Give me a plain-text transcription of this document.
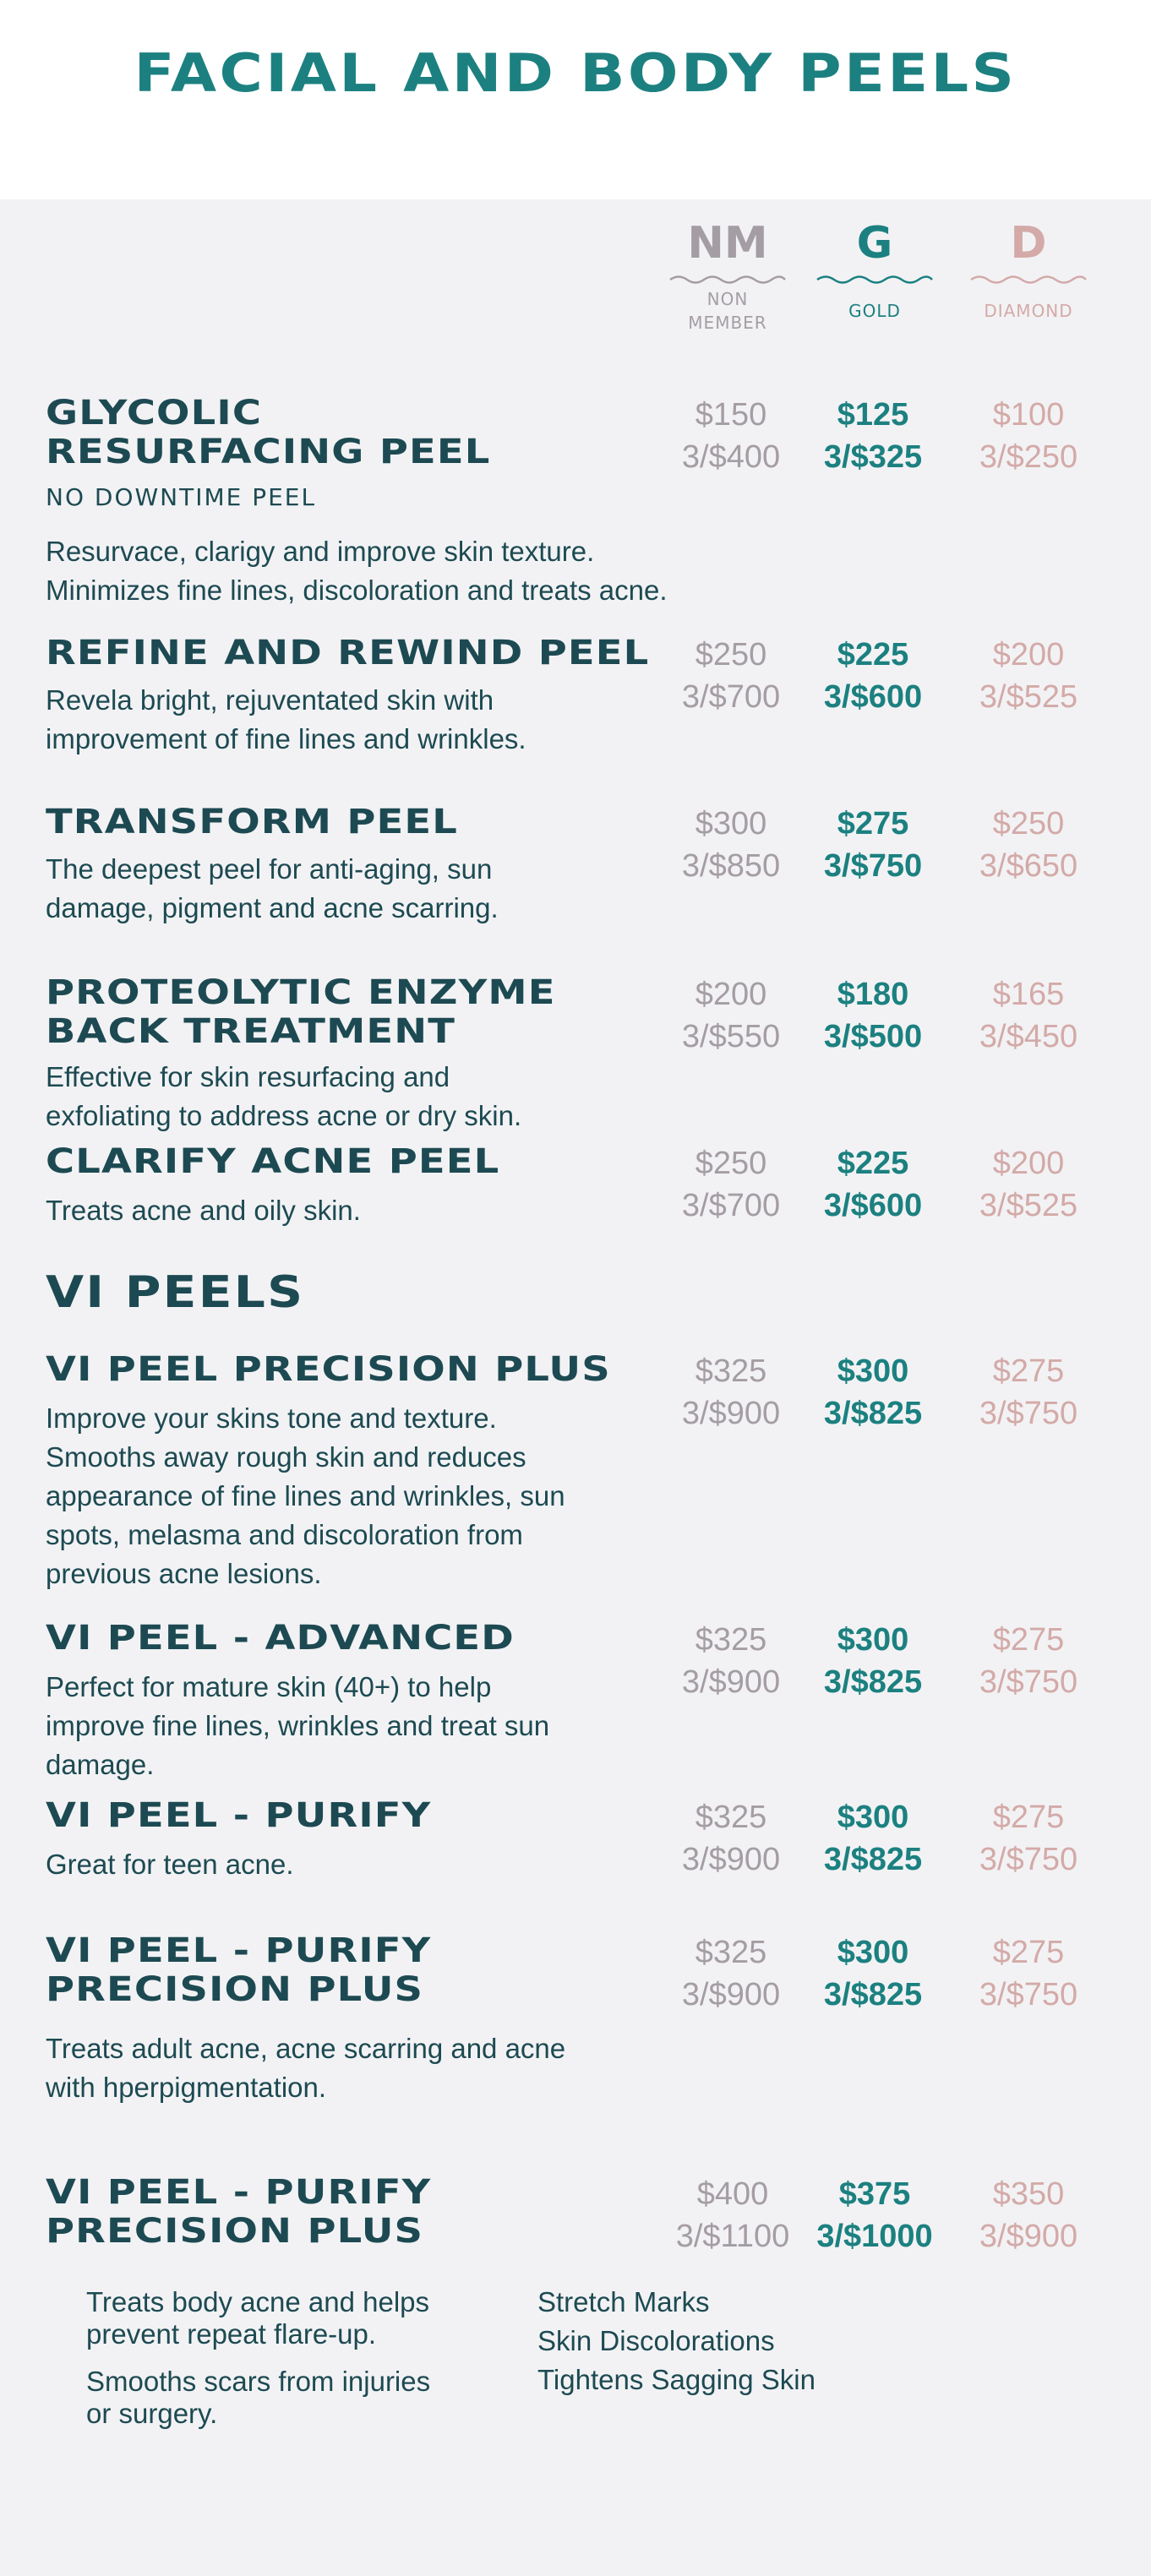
FACIAL AND BODY PEELS
NM
NON
MEMBER
G
GOLD
D
DIAMOND
GLYCOLIC
RESURFACING PEEL
NO DOWNTIME PEEL
Resurvace, clarigy and improve skin texture.
Minimizes fine lines, discoloration and treats acne.
$150
3/$400
$125
3/$325
$100
3/$250
REFINE AND REWIND PEEL
Revela bright, rejuventated skin with
improvement of fine lines and wrinkles.
$250
3/$700
$225
3/$600
$200
3/$525
TRANSFORM PEEL
The deepest peel for anti-aging, sun
damage, pigment and acne scarring.
$300
3/$850
$275
3/$750
$250
3/$650
PROTEOLYTIC ENZYME
BACK TREATMENT
Effective for skin resurfacing and
exfoliating to address acne or dry skin.
$200
3/$550
$180
3/$500
$165
3/$450
CLARIFY ACNE PEEL
Treats acne and oily skin.
$250
3/$700
$225
3/$600
$200
3/$525
VI PEELS
VI PEEL PRECISION PLUS
Improve your skins tone and texture.
Smooths away rough skin and reduces
appearance of fine lines and wrinkles, sun
spots, melasma and discoloration from
previous acne lesions.
$325
3/$900
$300
3/$825
$275
3/$750
VI PEEL - ADVANCED
Perfect for mature skin (40+) to help
improve fine lines, wrinkles and treat sun
damage.
$325
3/$900
$300
3/$825
$275
3/$750
VI PEEL - PURIFY
Great for teen acne.
$325
3/$900
$300
3/$825
$275
3/$750
VI PEEL - PURIFY
PRECISION PLUS
Treats adult acne, acne scarring and acne
with hperpigmentation.
$325
3/$900
$300
3/$825
$275
3/$750
VI PEEL - PURIFY
PRECISION PLUS
$400
3/$1100
$375
3/$1000
$350
3/$900
Treats body acne and helps
prevent repeat flare-up.
Smooths scars from injuries
or surgery.
Stretch Marks
Skin Discolorations
Tightens Sagging Skin
